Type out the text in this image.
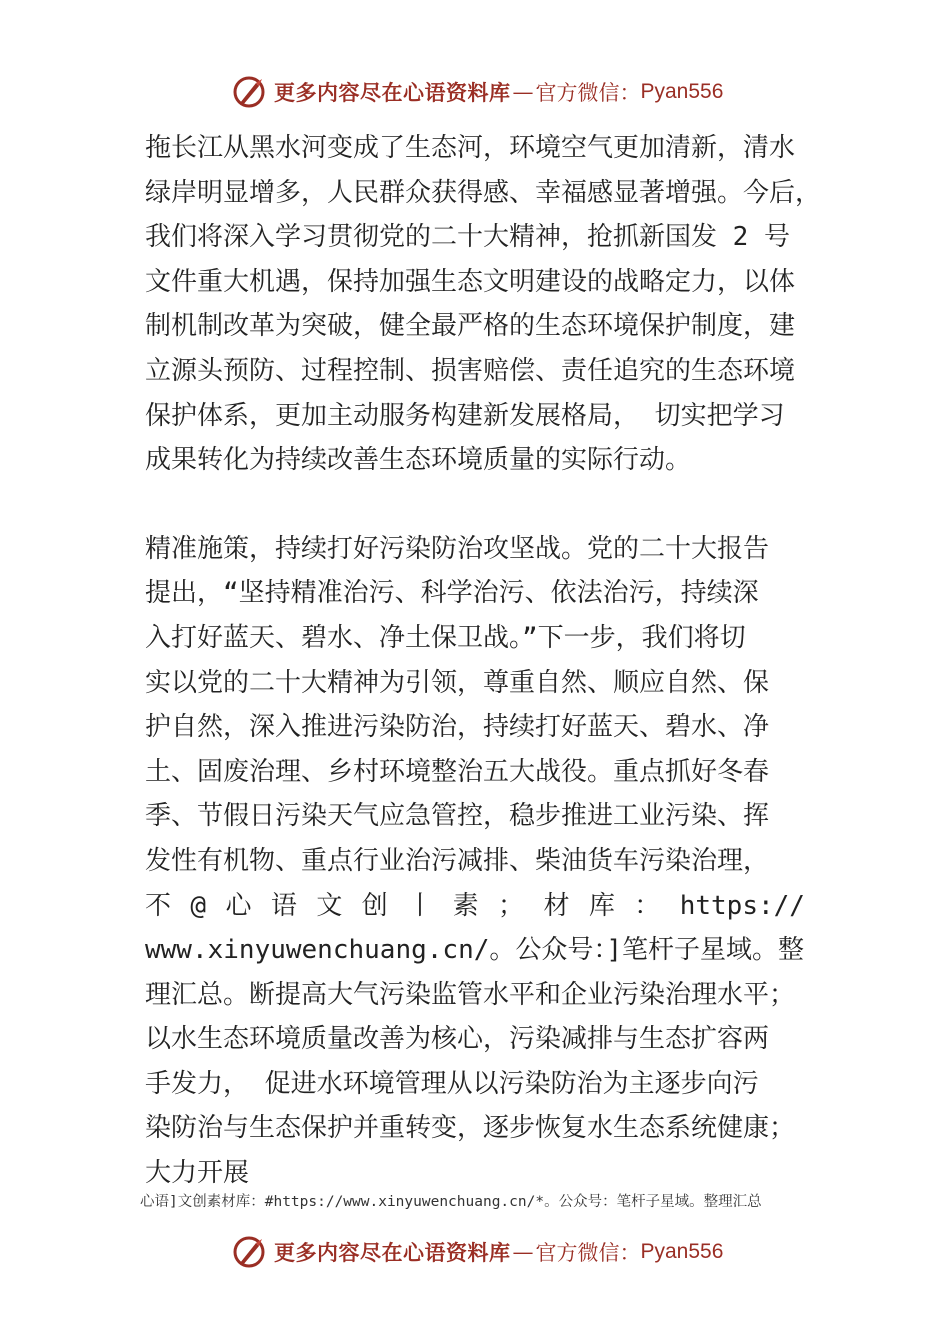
更多内容尽在心语资料库 — 官方微信： Pyan556
拖长江从黑水河变成了生态河，环境空气更加清新，清水
绿岸明显增多，人民群众获得感、幸福感显著增强。今后，
我们将深入学习贯彻党的二十大精神，抢抓新国发 2 号
文件重大机遇，保持加强生态文明建设的战略定力，以体
制机制改革为突破，健全最严格的生态环境保护制度，建
立源头预防、过程控制、损害赔偿、责任追究的生态环境
保护体系，更加主动服务构建新发展格局， 切实把学习
成果转化为持续改善生态环境质量的实际行动。
精准施策，持续打好污染防治攻坚战。党的二十大报告
提出，“坚持精准治污、科学治污、依法治污，持续深
入打好蓝天、碧水、净土保卫战。”下一步，我们将切
实以党的二十大精神为引领，尊重自然、顺应自然、保
护自然，深入推进污染防治，持续打好蓝天、碧水、净
土、固废治理、乡村环境整治五大战役。重点抓好冬春
季、节假日污染天气应急管控，稳步推进工业污染、挥
发性有机物、重点行业治污减排、柴油货车污染治理，
不 @ 心 语 文 创 丨 素 ； 材 库 ： https://
www.xinyuwenchuang.cn/。公众号：]笔杆子星域。整
理汇总。断提高大气污染监管水平和企业污染治理水平；
以水生态环境质量改善为核心，污染减排与生态扩容两
手发力， 促进水环境管理从以污染防治为主逐步向污
染防治与生态保护并重转变，逐步恢复水生态系统健康；
大力开展
心语]文创素材库：#https://www.xinyuwenchuang.cn/*。公众号：笔杆子星域。整理汇总
更多内容尽在心语资料库 — 官方微信： Pyan556
